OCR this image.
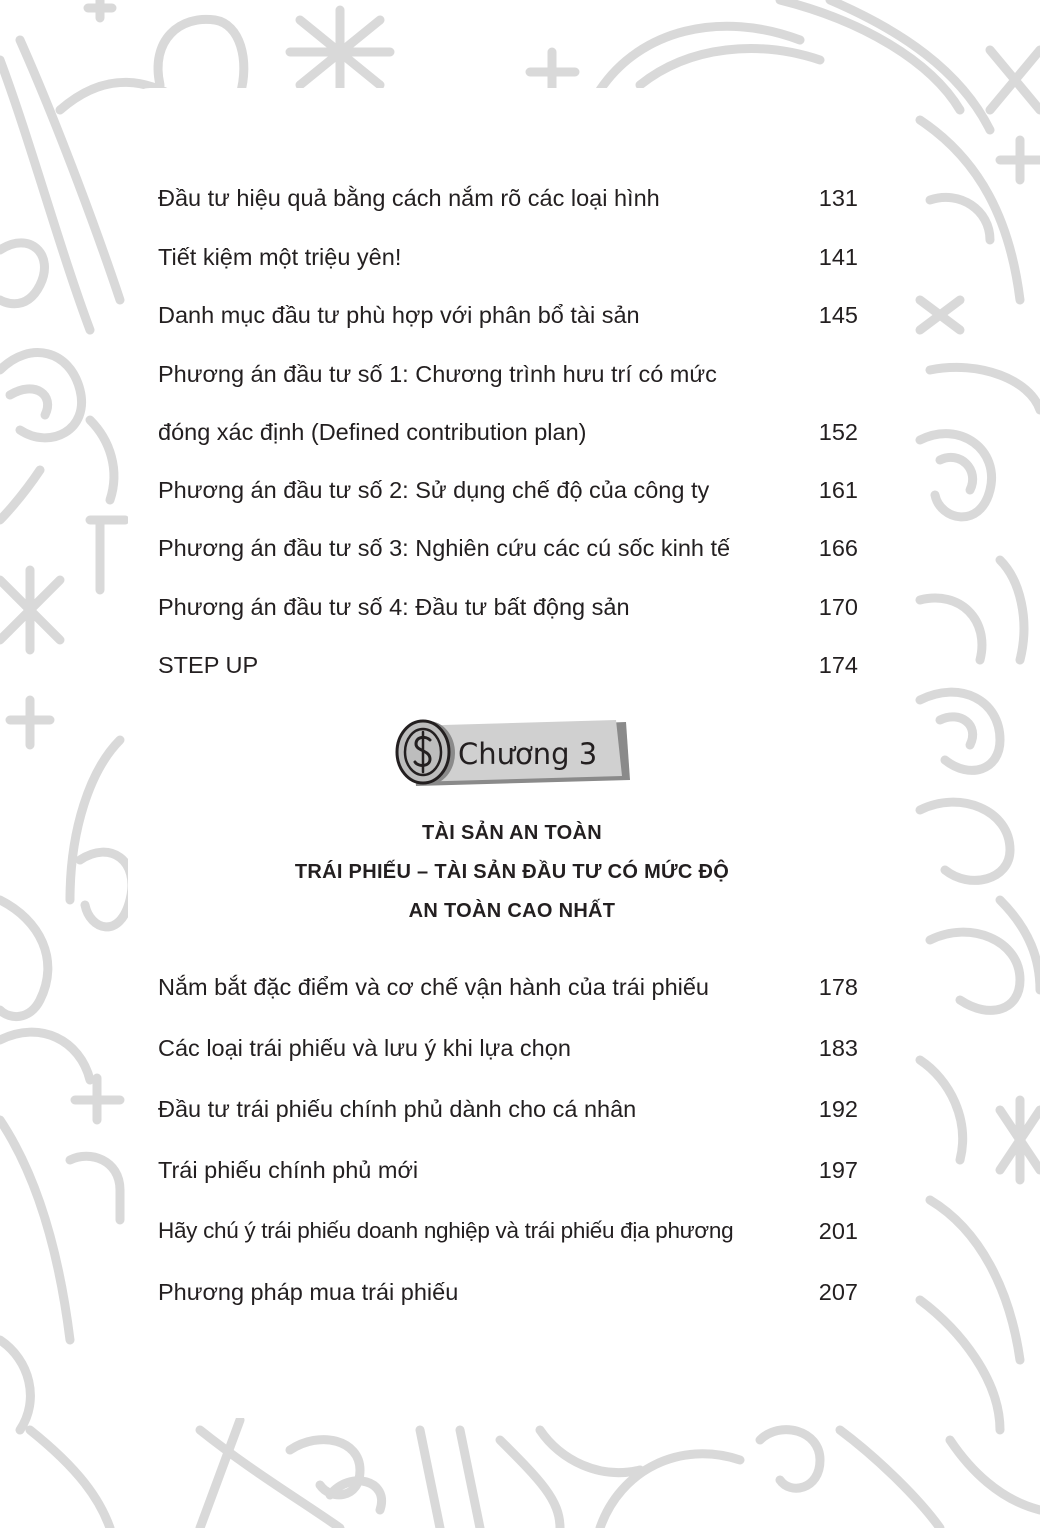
Đầu tư hiệu quả bằng cách nắm rõ các loại hình	131
Tiết kiệm một triệu yên!	141
Danh mục đầu tư phù hợp với phân bổ tài sản	145
Phương án đầu tư số 1: Chương trình hưu trí có mức
đóng xác định (Defined contribution plan)	152
Phương án đầu tư số 2: Sử dụng chế độ của công ty	161
Phương án đầu tư số 3: Nghiên cứu các cú sốc kinh tế	166
Phương án đầu tư số 4: Đầu tư bất động sản	170
STEP UP	174
Chương 3
TÀI SẢN AN TOÀN
TRÁI PHIẾU – TÀI SẢN ĐẦU TƯ CÓ MỨC ĐỘ
AN TOÀN CAO NHẤT
Nắm bắt đặc điểm và cơ chế vận hành của trái phiếu	178
Các loại trái phiếu và lưu ý khi lựa chọn	183
Đầu tư trái phiếu chính phủ dành cho cá nhân	192
Trái phiếu chính phủ mới	197
Hãy chú ý trái phiếu doanh nghiệp và trái phiếu địa phương	201
Phương pháp mua trái phiếu	207
